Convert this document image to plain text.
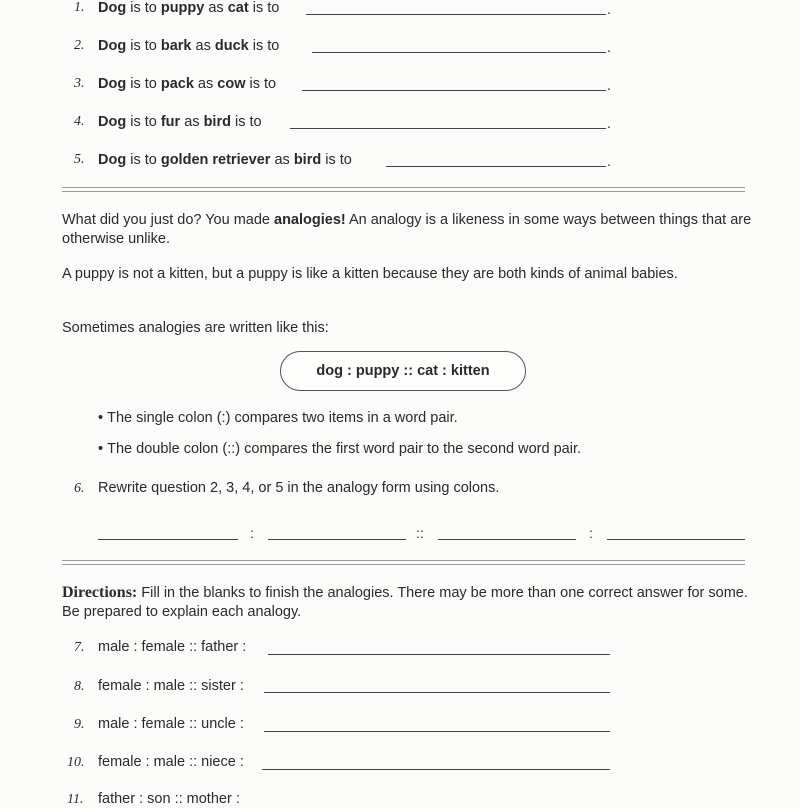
1. Dog is to puppy as cat is to	.
2. Dog is to bark as duck is to	.
3. Dog is to pack as cow is to	.
4. Dog is to fur as bird is to	.
5. Dog is to golden retriever as bird is to	.
What did you just do? You made analogies! An analogy is a likeness in some ways between things that are otherwise unlike.
A puppy is not a kitten, but a puppy is like a kitten because they are both kinds of animal babies.
Sometimes analogies are written like this:
dog : puppy :: cat : kitten
• The single colon (:) compares two items in a word pair.
• The double colon (::) compares the first word pair to the second word pair.
6. Rewrite question 2, 3, 4, or 5 in the analogy form using colons.
:	::	:
Directions: Fill in the blanks to finish the analogies. There may be more than one correct answer for some. Be prepared to explain each analogy.
7. male : female :: father :
8. female : male :: sister :
9. male : female :: uncle :
10. female : male :: niece :
11. father : son :: mother :
